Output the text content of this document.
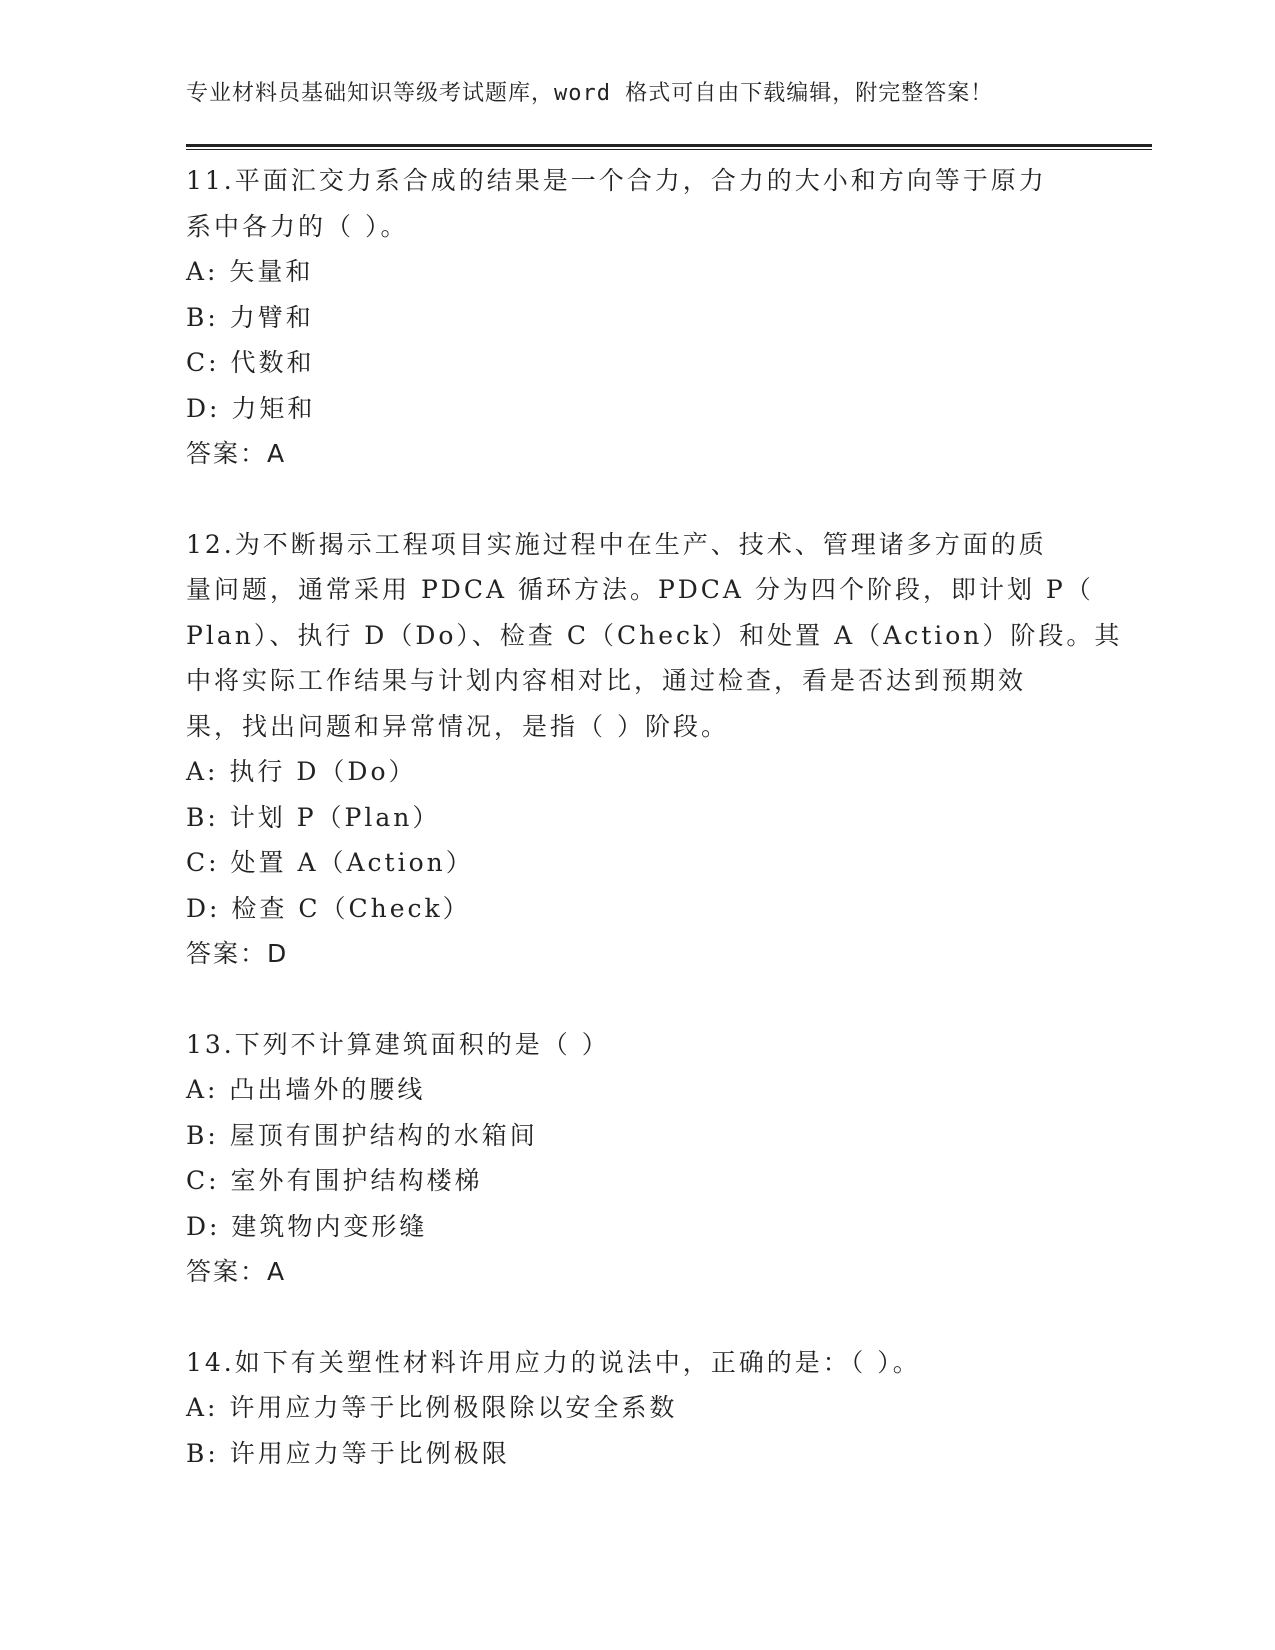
专业材料员基础知识等级考试题库，word 格式可自由下载编辑，附完整答案！
11.平面汇交力系合成的结果是一个合力，合力的大小和方向等于原力
系中各力的（ ）。
A: 矢量和
B: 力臂和
C: 代数和
D: 力矩和
答案：A
12.为不断揭示工程项目实施过程中在生产、技术、管理诸多方面的质
量问题，通常采用 PDCA 循环方法。PDCA 分为四个阶段，即计划 P（
Plan）、执行 D（Do）、检查 C（Check）和处置 A（Action）阶段。其
中将实际工作结果与计划内容相对比，通过检查，看是否达到预期效
果，找出问题和异常情况，是指（ ）阶段。
A: 执行 D（Do）
B: 计划 P（Plan）
C: 处置 A（Action）
D: 检查 C（Check）
答案：D
13.下列不计算建筑面积的是（ ）
A: 凸出墙外的腰线
B: 屋顶有围护结构的水箱间
C: 室外有围护结构楼梯
D: 建筑物内变形缝
答案：A
14.如下有关塑性材料许用应力的说法中，正确的是：（ ）。
A: 许用应力等于比例极限除以安全系数
B: 许用应力等于比例极限
